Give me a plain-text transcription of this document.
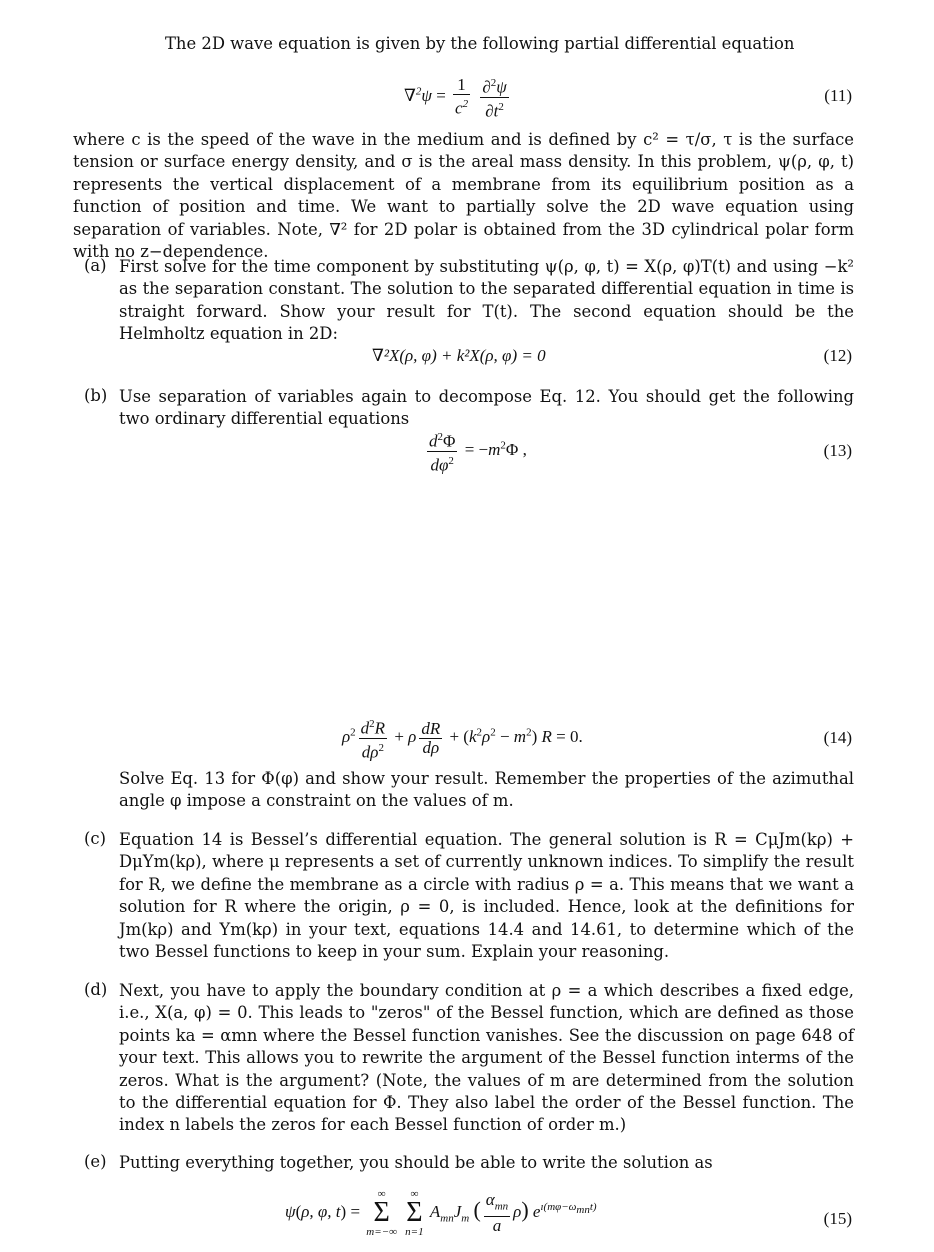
The 2D wave equation is given by the following partial differential equation

$\nabla^2\psi = \frac{1}{c^2}$
$\frac{\partial^2\psi}{\partial t^2}$	(11)

where c is the speed of the wave in the medium and is defined by c² = τ/σ, τ is the surface tension or surface energy density, and σ is the areal mass density. In this problem, ψ(ρ, φ, t) represents the vertical displacement of a membrane from its equilibrium position as a function of position and time. We want to partially solve the 2D wave equation using separation of variables. Note, ∇² for 2D polar is obtained from the 3D cylindrical polar form with no z−dependence.

(a) First solve for the time component by substituting ψ(ρ, φ, t) = X(ρ, φ)T(t) and using −k² as the separation constant. The solution to the separated differential equation in time is straight forward. Show your result for T(t). The second equation should be the Helmholtz equation in 2D:

∇²X(ρ, φ) + k²X(ρ, φ) = 0	(12)
(b) Use separation of variables again to decompose Eq. 12. You should get the following two ordinary differential equations

$\frac{d^2\Phi}{d\varphi^2} = -m^2\Phi$ ,	(13)
$\rho^2 \frac{d^2R}{d\rho^2} + \rho \frac{dR}{d\rho} + (k^2\rho^2 - m^2) R = 0$.	(14)

Solve Eq. 13 for Φ(φ) and show your result. Remember the properties of the azimuthal angle φ impose a constraint on the values of m.

(c) Equation 14 is Bessel’s differential equation. The general solution is R = CμJm(kρ) + DμYm(kρ), where μ represents a set of currently unknown indices. To simplify the result for R, we define the membrane as a circle with radius ρ = a. This means that we want a solution for R where the origin, ρ = 0, is included. Hence, look at the definitions for Jm(kρ) and Ym(kρ) in your text, equations 14.4 and 14.61, to determine which of the two Bessel functions to keep in your sum. Explain your reasoning.

(d) Next, you have to apply the boundary condition at ρ = a which describes a fixed edge, i.e., X(a, φ) = 0. This leads to "zeros" of the Bessel function, which are defined as those points ka = αmn where the Bessel function vanishes. See the discussion on page 648 of your text. This allows you to rewrite the argument of the Bessel function interms of the zeros. What is the argument? (Note, the values of m are determined from the solution to the differential equation for Φ. They also label the order of the Bessel function. The index n labels the zeros for each Bessel function of order m.)

(e) Putting everything together, you should be able to write the solution as

ψ(ρ, φ, t) =
∞
Σ
m=−∞

∞
Σ
n=1
$A_{mn}J_m$ ( $\frac{\alpha_{mn}}{a} \rho$) $e^{ı(m\varphi-\omega_{mn}t)}$
(15)
